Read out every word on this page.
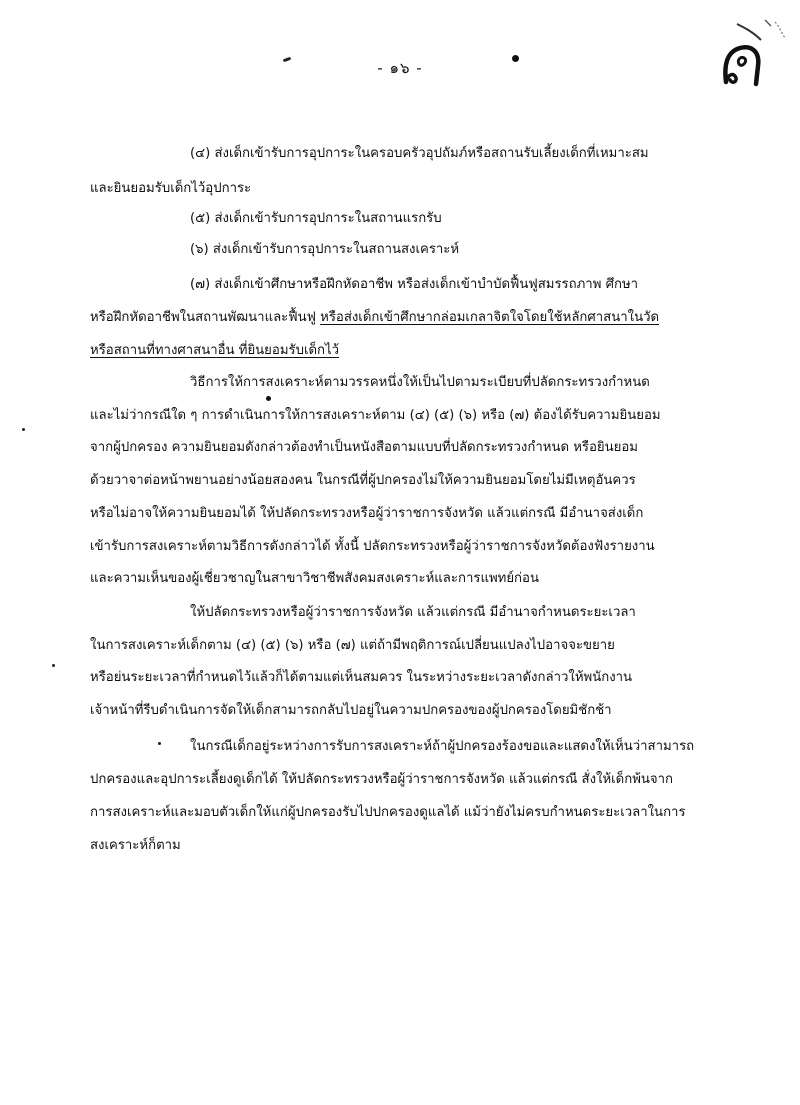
- ๑๖ -
(๔) ส่งเด็กเข้ารับการอุปการะในครอบครัวอุปถัมภ์หรือสถานรับเลี้ยงเด็กที่เหมาะสม
และยินยอมรับเด็กไว้อุปการะ
(๕) ส่งเด็กเข้ารับการอุปการะในสถานแรกรับ
(๖) ส่งเด็กเข้ารับการอุปการะในสถานสงเคราะห์
(๗) ส่งเด็กเข้าศึกษาหรือฝึกหัดอาชีพ หรือส่งเด็กเข้าบำบัดฟื้นฟูสมรรถภาพ ศึกษา
หรือฝึกหัดอาชีพในสถานพัฒนาและฟื้นฟู หรือส่งเด็กเข้าศึกษากล่อมเกลาจิตใจโดยใช้หลักศาสนาในวัด
หรือสถานที่ทางศาสนาอื่น ที่ยินยอมรับเด็กไว้
วิธีการให้การสงเคราะห์ตามวรรคหนึ่งให้เป็นไปตามระเบียบที่ปลัดกระทรวงกำหนด
และไม่ว่ากรณีใด ๆ การดำเนินการให้การสงเคราะห์ตาม (๔) (๕) (๖) หรือ (๗) ต้องได้รับความยินยอม
จากผู้ปกครอง ความยินยอมดังกล่าวต้องทำเป็นหนังสือตามแบบที่ปลัดกระทรวงกำหนด หรือยินยอม
ด้วยวาจาต่อหน้าพยานอย่างน้อยสองคน ในกรณีที่ผู้ปกครองไม่ให้ความยินยอมโดยไม่มีเหตุอันควร
หรือไม่อาจให้ความยินยอมได้ ให้ปลัดกระทรวงหรือผู้ว่าราชการจังหวัด แล้วแต่กรณี มีอำนาจส่งเด็ก
เข้ารับการสงเคราะห์ตามวิธีการดังกล่าวได้ ทั้งนี้ ปลัดกระทรวงหรือผู้ว่าราชการจังหวัดต้องฟังรายงาน
และความเห็นของผู้เชี่ยวชาญในสาขาวิชาชีพสังคมสงเคราะห์และการแพทย์ก่อน
ให้ปลัดกระทรวงหรือผู้ว่าราชการจังหวัด แล้วแต่กรณี มีอำนาจกำหนดระยะเวลา
ในการสงเคราะห์เด็กตาม (๔) (๕) (๖) หรือ (๗) แต่ถ้ามีพฤติการณ์เปลี่ยนแปลงไปอาจจะขยาย
หรือย่นระยะเวลาที่กำหนดไว้แล้วก็ได้ตามแต่เห็นสมควร ในระหว่างระยะเวลาดังกล่าวให้พนักงาน
เจ้าหน้าที่รีบดำเนินการจัดให้เด็กสามารถกลับไปอยู่ในความปกครองของผู้ปกครองโดยมิชักช้า
ในกรณีเด็กอยู่ระหว่างการรับการสงเคราะห์ถ้าผู้ปกครองร้องขอและแสดงให้เห็นว่าสามารถ
ปกครองและอุปการะเลี้ยงดูเด็กได้ ให้ปลัดกระทรวงหรือผู้ว่าราชการจังหวัด แล้วแต่กรณี สั่งให้เด็กพ้นจาก
การสงเคราะห์และมอบตัวเด็กให้แก่ผู้ปกครองรับไปปกครองดูแลได้ แม้ว่ายังไม่ครบกำหนดระยะเวลาในการ
สงเคราะห์ก็ตาม
